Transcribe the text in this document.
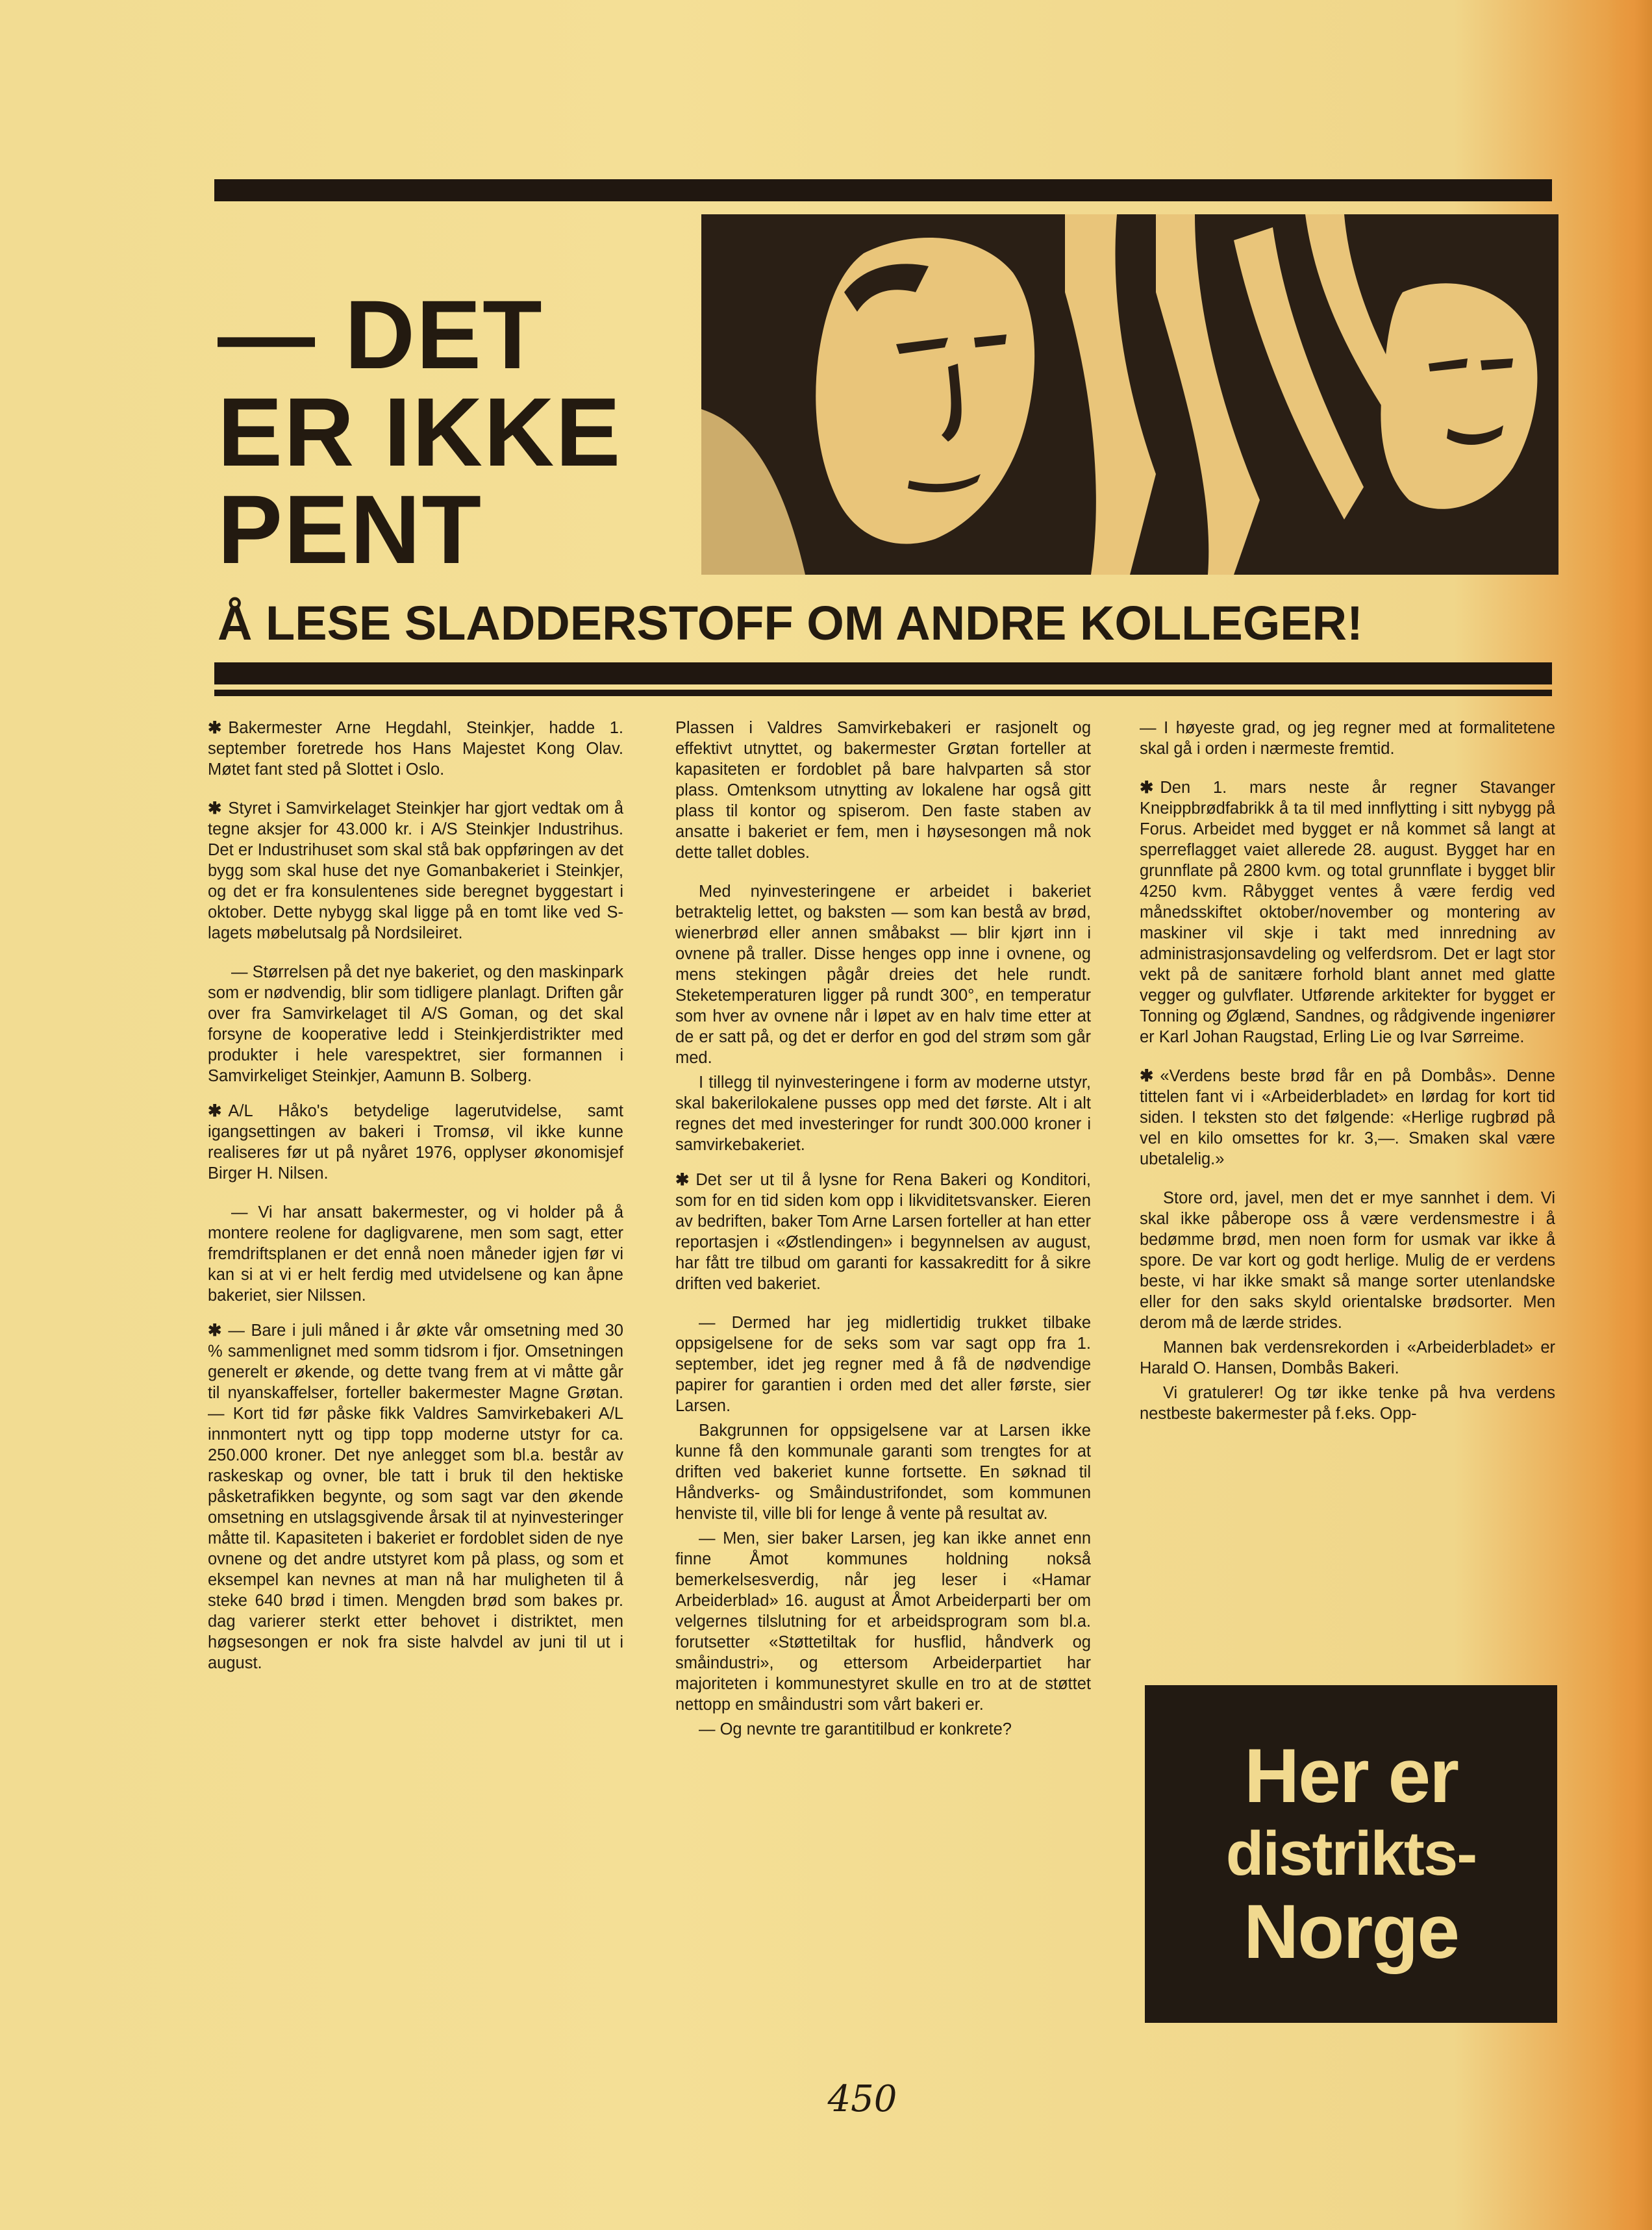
— DET
ER IKKE
PENT
Å LESE SLADDERSTOFF OM ANDRE KOLLEGER!

✱ Bakermester Arne Hegdahl, Steinkjer, hadde 1. september foretrede hos Hans Majestet Kong Olav. Møtet fant sted på Slottet i Oslo.

✱ Styret i Samvirkelaget Steinkjer har gjort vedtak om å tegne aksjer for 43.000 kr. i A/S Steinkjer Industrihus. Det er Industrihuset som skal stå bak oppføringen av det bygg som skal huse det nye Gomanbakeriet i Steinkjer, og det er fra konsulentenes side beregnet byggestart i oktober. Dette nybygg skal ligge på en tomt like ved S-lagets møbelutsalg på Nordsileiret.

— Størrelsen på det nye bakeriet, og den maskinpark som er nødvendig, blir som tidligere planlagt. Driften går over fra Samvirkelaget til A/S Goman, og det skal forsyne de kooperative ledd i Steinkjerdistrikter med produkter i hele varespektret, sier formannen i Samvirkeliget Steinkjer, Aamunn B. Solberg.

✱ A/L Håko's betydelige lagerutvidelse, samt igangsettingen av bakeri i Tromsø, vil ikke kunne realiseres før ut på nyåret 1976, opplyser økonomisjef Birger H. Nilsen.

— Vi har ansatt bakermester, og vi holder på å montere reolene for dagligvarene, men som sagt, etter fremdriftsplanen er det ennå noen måneder igjen før vi kan si at vi er helt ferdig med utvidelsene og kan åpne bakeriet, sier Nilssen.

✱ — Bare i juli måned i år økte vår omsetning med 30 % sammenlignet med somm tidsrom i fjor. Omsetningen generelt er økende, og dette tvang frem at vi måtte går til nyanskaffelser, forteller bakermester Magne Grøtan. — Kort tid før påske fikk Valdres Samvirkebakeri A/L innmontert nytt og tipp topp moderne utstyr for ca. 250.000 kroner. Det nye anlegget som bl.a. består av raskeskap og ovner, ble tatt i bruk til den hektiske påsketrafikken begynte, og som sagt var den økende omsetning en utslagsgivende årsak til at nyinvesteringer måtte til. Kapasiteten i bakeriet er fordoblet siden de nye ovnene og det andre utstyret kom på plass, og som et eksempel kan nevnes at man nå har muligheten til å steke 640 brød i timen. Mengden brød som bakes pr. dag varierer sterkt etter behovet i distriktet, men høgsesongen er nok fra siste halvdel av juni til ut i august.

Plassen i Valdres Samvirkebakeri er rasjonelt og effektivt utnyttet, og bakermester Grøtan forteller at kapasiteten er fordoblet på bare halvparten så stor plass. Omtenksom utnytting av lokalene har også gitt plass til kontor og spiserom. Den faste staben av ansatte i bakeriet er fem, men i høysesongen må nok dette tallet dobles.

Med nyinvesteringene er arbeidet i bakeriet betraktelig lettet, og baksten — som kan bestå av brød, wienerbrød eller annen småbakst — blir kjørt inn i ovnene på traller. Disse henges opp inne i ovnene, og mens stekingen pågår dreies det hele rundt. Steketemperaturen ligger på rundt 300°, en temperatur som hver av ovnene når i løpet av en halv time etter at de er satt på, og det er derfor en god del strøm som går med.

I tillegg til nyinvesteringene i form av moderne utstyr, skal bakerilokalene pusses opp med det første. Alt i alt regnes det med investeringer for rundt 300.000 kroner i samvirkebakeriet.

✱ Det ser ut til å lysne for Rena Bakeri og Konditori, som for en tid siden kom opp i likviditetsvansker. Eieren av bedriften, baker Tom Arne Larsen forteller at han etter reportasjen i «Østlendingen» i begynnelsen av august, har fått tre tilbud om garanti for kassakreditt for å sikre driften ved bakeriet.

— Dermed har jeg midlertidig trukket tilbake oppsigelsene for de seks som var sagt opp fra 1. september, idet jeg regner med å få de nødvendige papirer for garantien i orden med det aller første, sier Larsen.

Bakgrunnen for oppsigelsene var at Larsen ikke kunne få den kommunale garanti som trengtes for at driften ved bakeriet kunne fortsette. En søknad til Håndverks- og Småindustrifondet, som kommunen henviste til, ville bli for lenge å vente på resultat av.

— Men, sier baker Larsen, jeg kan ikke annet enn finne Åmot kommunes holdning nokså bemerkelsesverdig, når jeg leser i «Hamar Arbeiderblad» 16. august at Åmot Arbeiderparti ber om velgernes tilslutning for et arbeidsprogram som bl.a. forutsetter «Støttetiltak for husflid, håndverk og småindustri», og ettersom Arbeiderpartiet har majoriteten i kommunestyret skulle en tro at de støttet nettopp en småindustri som vårt bakeri er.

— Og nevnte tre garantitilbud er konkrete?

— I høyeste grad, og jeg regner med at formalitetene skal gå i orden i nærmeste fremtid.

✱ Den 1. mars neste år regner Stavanger Kneippbrødfabrikk å ta til med innflytting i sitt nybygg på Forus. Arbeidet med bygget er nå kommet så langt at sperreflagget vaiet allerede 28. august. Bygget har en grunnflate på 2800 kvm. og total grunnflate i bygget blir 4250 kvm. Råbygget ventes å være ferdig ved månedsskiftet oktober/november og montering av maskiner vil skje i takt med innredning av administrasjonsavdeling og velferdsrom. Det er lagt stor vekt på de sanitære forhold blant annet med glatte vegger og gulvflater. Utførende arkitekter for bygget er Tonning og Øglænd, Sandnes, og rådgivende ingeniører er Karl Johan Raugstad, Erling Lie og Ivar Sørreime.

✱ «Verdens beste brød får en på Dombås». Denne tittelen fant vi i «Arbeiderbladet» en lørdag for kort tid siden. I teksten sto det følgende: «Herlige rugbrød på vel en kilo omsettes for kr. 3,—. Smaken skal være ubetalelig.»

Store ord, javel, men det er mye sannhet i dem. Vi skal ikke påberope oss å være verdensmestre i å bedømme brød, men noen form for usmak var ikke å spore. De var kort og godt herlige. Mulig de er verdens beste, vi har ikke smakt så mange sorter utenlandske eller for den saks skyld orientalske brødsorter. Men derom må de lærde strides.

Mannen bak verdensrekorden i «Arbeiderbladet» er Harald O. Hansen, Dombås Bakeri.

Vi gratulerer! Og tør ikke tenke på hva verdens nestbeste bakermester på f.eks. Opp-

Her er
distrikts-
Norge
450
